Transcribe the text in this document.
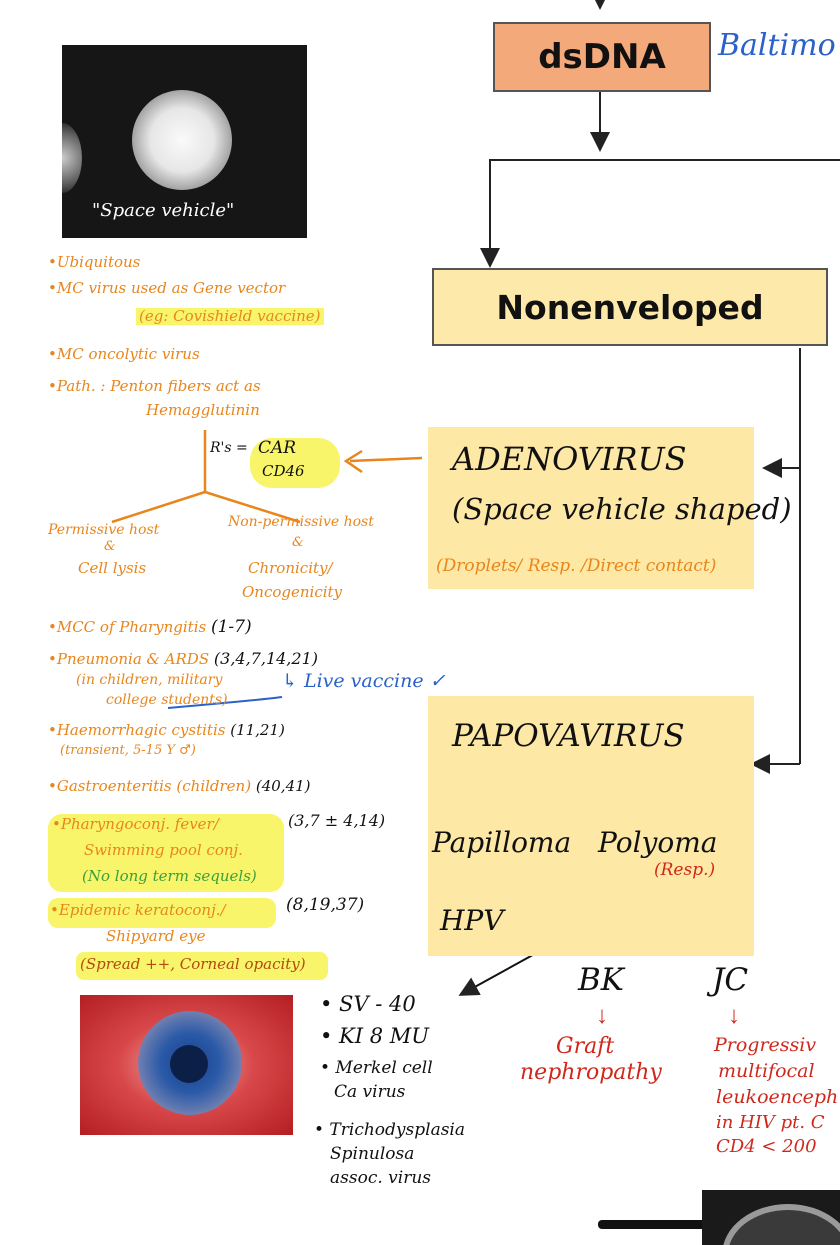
"Space vehicle"
dsDNA Baltimo
Nonenveloped
ADENOVIRUS
(Space vehicle shaped)
(Droplets/ Resp. /Direct contact)
PAPOVAVIRUS
Papilloma Polyoma
(Resp.)
HPV
BK
↓
Graft
nephropathy
JC
↓
Progressiv
multifocal
leukoenceph
in HIV pt. C
CD4 < 200
• SV - 40
• KI 8 MU
• Merkel cell
Ca virus
• Trichodysplasia
Spinulosa
assoc. virus
•Ubiquitous
•MC virus used as Gene vector
(eg: Covishield vaccine)
•MC oncolytic virus
•Path. : Penton fibers act as
Hemagglutinin
R's = CAR
CD46
Permissive host
&
Cell lysis
Non-permissive host
&
Chronicity/
Oncogenicity
•MCC of Pharyngitis (1-7)
•Pneumonia & ARDS (3,4,7,14,21)
(in children, military
college students)
↳ Live vaccine ✓
•Haemorrhagic cystitis (11,21)
(transient, 5-15 Y ♂)
•Gastroenteritis (children) (40,41)
•Pharyngoconj. fever/	(3,7 ± 4,14)
Swimming pool conj.
(No long term sequels)
•Epidemic keratoconj./	(8,19,37)
Shipyard eye
(Spread ++, Corneal opacity)
